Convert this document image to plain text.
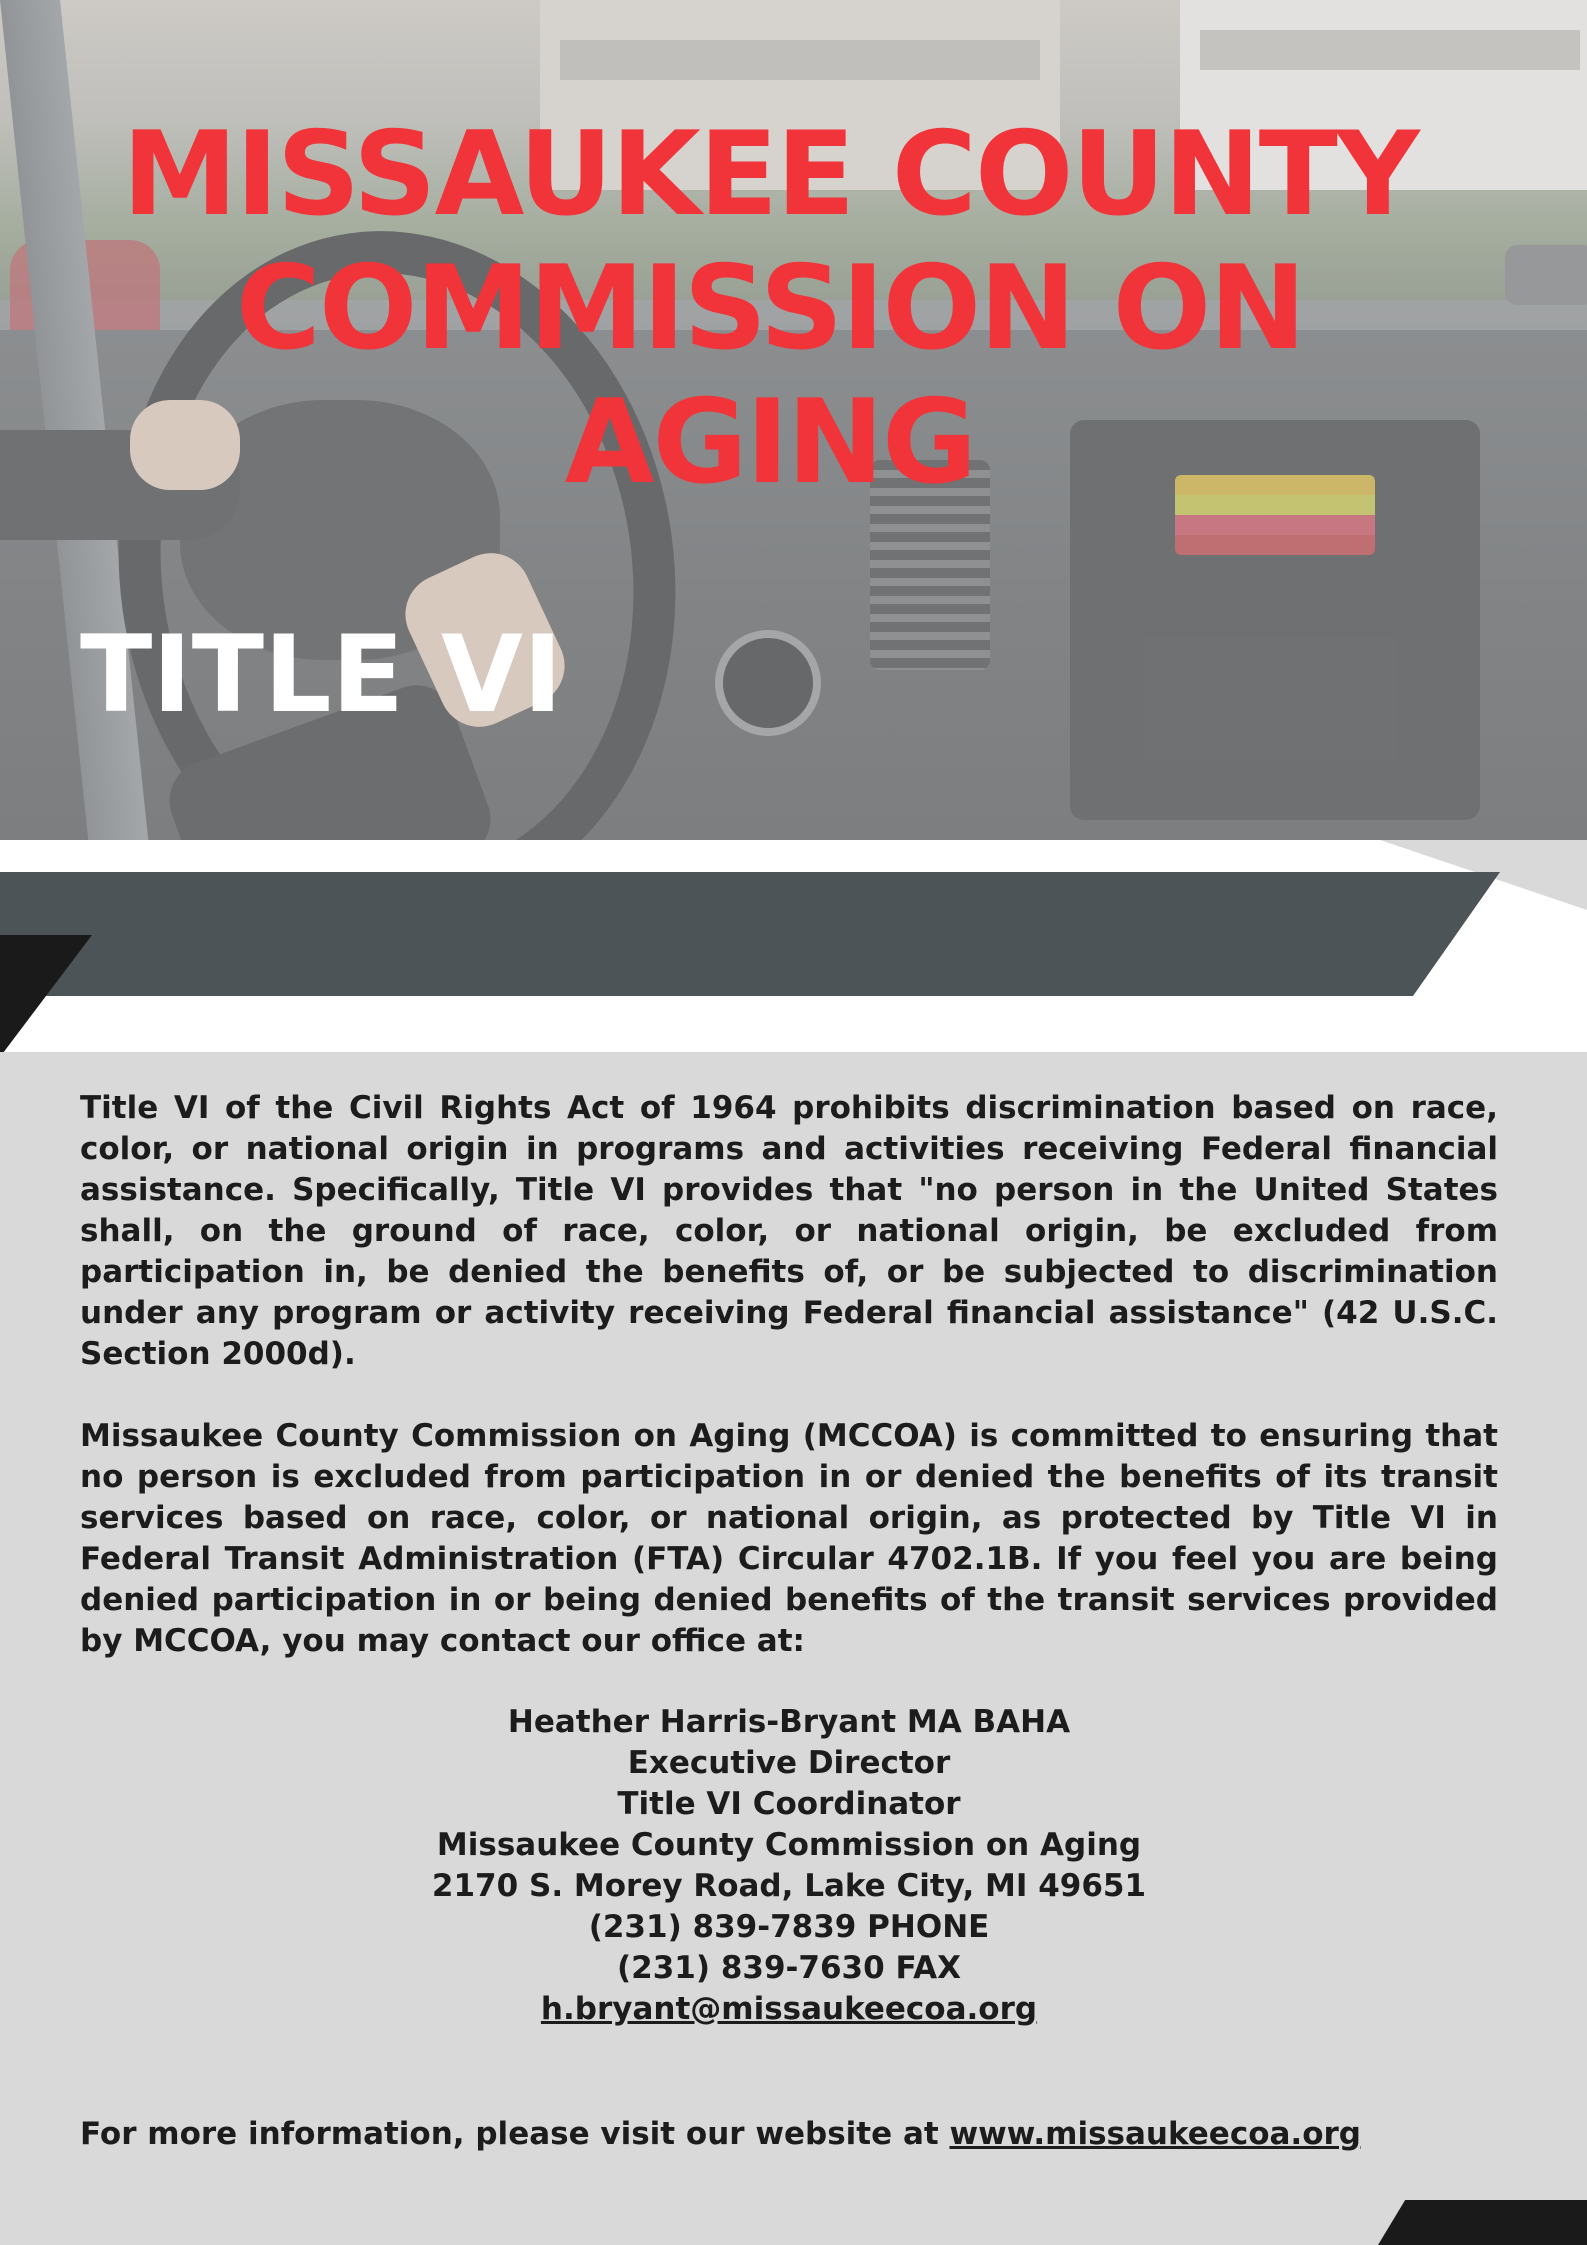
MISSAUKEE COUNTY
COMMISSION ON
AGING
TITLE VI

Title VI of the Civil Rights Act of 1964 prohibits discrimination based on race, color, or national origin in programs and activities receiving Federal financial assistance. Specifically, Title VI provides that "no person in the United States shall, on the ground of race, color, or national origin, be excluded from participation in, be denied the benefits of, or be subjected to discrimination under any program or activity receiving Federal financial assistance" (42 U.S.C. Section 2000d).

Missaukee County Commission on Aging (MCCOA) is committed to ensuring that no person is excluded from participation in or denied the benefits of its transit services based on race, color, or national origin, as protected by Title VI in Federal Transit Administration (FTA) Circular 4702.1B. If you feel you are being denied participation in or being denied benefits of the transit services provided by MCCOA, you may contact our office at:

Heather Harris-Bryant MA BAHA
Executive Director
Title VI Coordinator
Missaukee County Commission on Aging
2170 S. Morey Road, Lake City, MI 49651
(231) 839-7839 PHONE
(231) 839-7630 FAX
h.bryant@missaukeecoa.org

For more information, please visit our website at www.missaukeecoa.org
